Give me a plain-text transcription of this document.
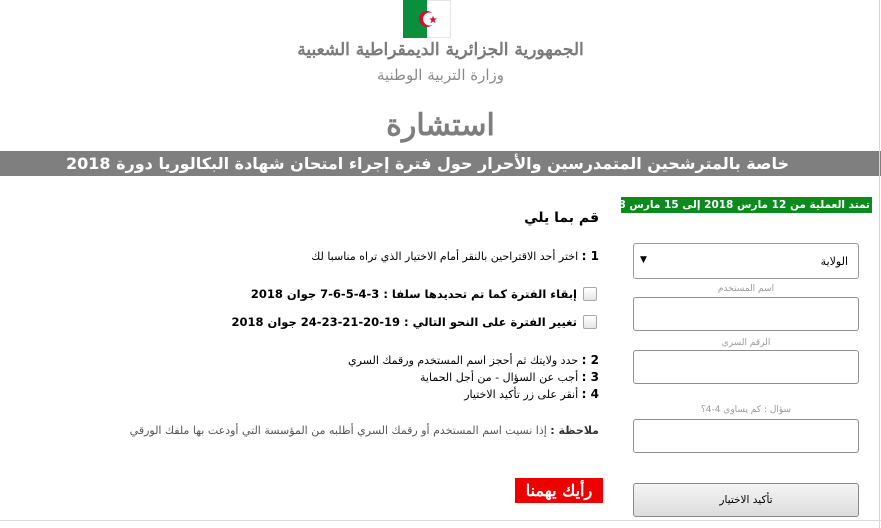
الجمهورية الجزائرية الديمقراطية الشعبية
وزارة التربية الوطنية
استشارة
خاصة بالمترشحين المتمدرسين والأحرار حول فترة إجراء امتحان شهادة البكالوريا دورة 2018
تمتد العملية من 12 مارس 2018 إلى 15 مارس 2018
قم بما يلي
1 : اختر أحد الاقتراحين بالنقر أمام الاختيار الذي تراه مناسبا لك
إبقاء الفترة كما تم تحديدها سلفا : 3-4-5-6-7 جوان 2018
تغيير الفترة على النحو التالي : 19-20-21-23-24 جوان 2018
2 : حدد ولايتك ثم أحجز اسم المستخدم ورقمك السري
3 : أجب عن السؤال - من أجل الحماية
4 : أنقر على زر تأكيد الاختيار
ملاحظة : إذا نسيت اسم المستخدم أو رقمك السري أطلبه من المؤسسة التي أودعت بها ملفك الورقي
رأيك يهمنا
الولاية
▼
اسم المستخدم
الرقم السري
سؤال : كم يساوي 4-4؟
تأكيد الاختيار
